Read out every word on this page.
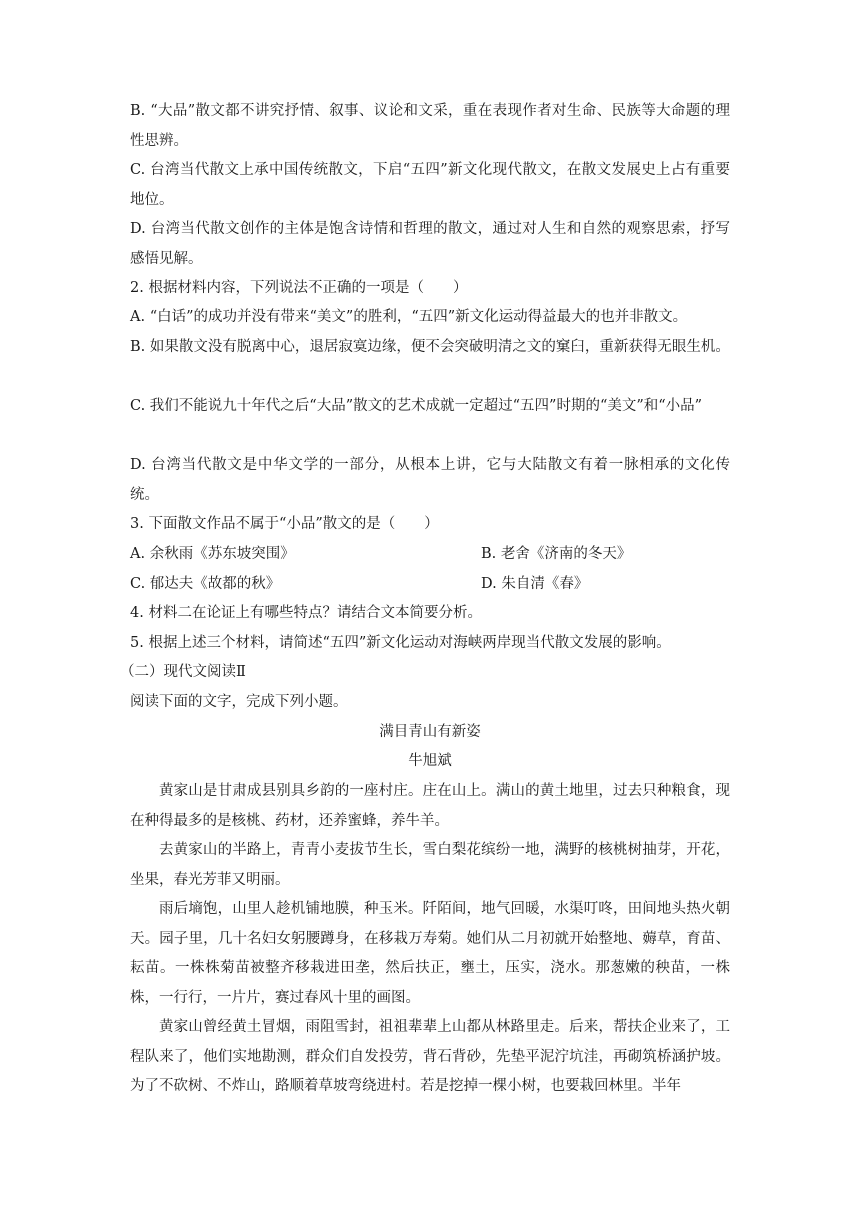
B. “大品”散文都不讲究抒情、叙事、议论和文采，重在表现作者对生命、民族等大命题的理性思辨。

C. 台湾当代散文上承中国传统散文，下启“五四”新文化现代散文，在散文发展史上占有重要地位。

D. 台湾当代散文创作的主体是饱含诗情和哲理的散文，通过对人生和自然的观察思索，抒写感悟见解。

2. 根据材料内容，下列说法不正确的一项是（　　）

A. “白话”的成功并没有带来“美文”的胜利，“五四”新文化运动得益最大的也并非散文。

B. 如果散文没有脱离中心，退居寂寞边缘，便不会突破明清之文的窠臼，重新获得无眼生机。

C. 我们不能说九十年代之后“大品”散文的艺术成就一定超过“五四”时期的“美文”和“小品”

D. 台湾当代散文是中华文学的一部分，从根本上讲，它与大陆散文有着一脉相承的文化传统。

3. 下面散文作品不属于“小品”散文的是（　　）

A. 余秋雨《苏东坡突围》	B. 老舍《济南的冬天》
C. 郁达夫《故都的秋》	D. 朱自清《春》

4. 材料二在论证上有哪些特点？请结合文本简要分析。

5. 根据上述三个材料，请简述“五四”新文化运动对海峡两岸现当代散文发展的影响。

（二）现代文阅读Ⅱ

阅读下面的文字，完成下列小题。

满目青山有新姿
牛旭斌

黄家山是甘肃成县别具乡韵的一座村庄。庄在山上。满山的黄土地里，过去只种粮食，现在种得最多的是核桃、药材，还养蜜蜂，养牛羊。

去黄家山的半路上，青青小麦拔节生长，雪白梨花缤纷一地，满野的核桃树抽芽，开花，坐果，春光芳菲又明丽。

雨后墒饱，山里人趁机铺地膜，种玉米。阡陌间，地气回暖，水渠叮咚，田间地头热火朝天。园子里，几十名妇女躬腰蹲身，在移栽万寿菊。她们从二月初就开始整地、薅草，育苗、耘苗。一株株菊苗被整齐移栽进田垄，然后扶正，壅土，压实，浇水。那葱嫩的秧苗，一株株，一行行，一片片，赛过春风十里的画图。

黄家山曾经黄土冒烟，雨阻雪封，祖祖辈辈上山都从林路里走。后来，帮扶企业来了，工程队来了，他们实地勘测，群众们自发投劳，背石背砂，先垫平泥泞坑洼，再砌筑桥涵护坡。为了不砍树、不炸山，路顺着草坡弯绕进村。若是挖掉一棵小树，也要栽回林里。半年
